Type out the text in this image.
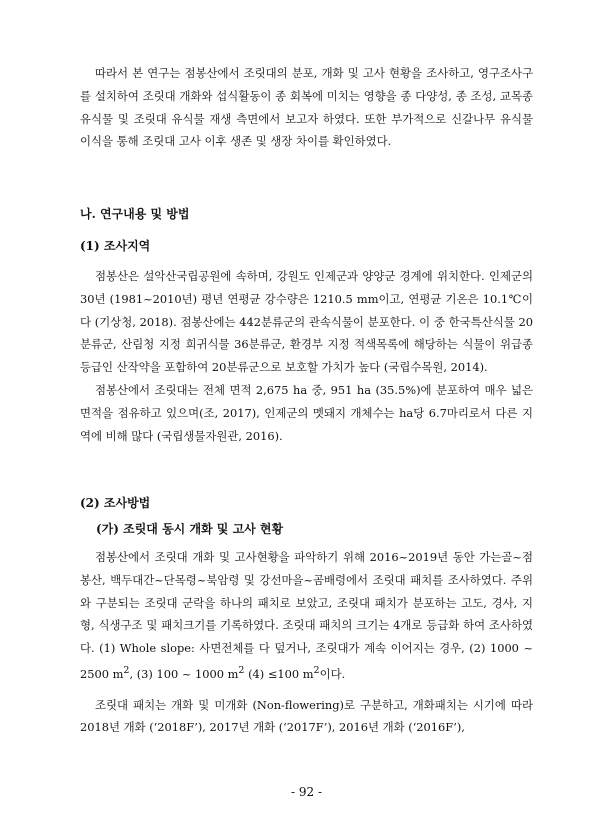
따라서 본 연구는 점봉산에서 조릿대의 분포, 개화 및 고사 현황을 조사하고, 영구조사구를 설치하여 조릿대 개화와 섭식활동이 종 회복에 미치는 영향을 종 다양성, 종 조성, 교목종 유식물 및 조릿대 유식물 재생 측면에서 보고자 하였다. 또한 부가적으로 신갈나무 유식물 이식을 통해 조릿대 고사 이후 생존 및 생장 차이를 확인하였다.

나. 연구내용 및 방법

(1) 조사지역

점봉산은 설악산국립공원에 속하며, 강원도 인제군과 양양군 경계에 위치한다. 인제군의 30년 (1981~2010년) 평년 연평균 강수량은 1210.5 mm이고, 연평균 기온은 10.1℃이다 (기상청, 2018). 점봉산에는 442분류군의 관속식물이 분포한다. 이 중 한국특산식물 20분류군, 산림청 지정 희귀식물 36분류군, 환경부 지정 적색목록에 해당하는 식물이 위급종 등급인 산작약을 포함하여 20분류군으로 보호할 가치가 높다 (국립수목원, 2014).

점봉산에서 조릿대는 전체 면적 2,675 ha 중, 951 ha (35.5%)에 분포하여 매우 넓은 면적을 점유하고 있으며(조, 2017), 인제군의 멧돼지 개체수는 ha당 6.7마리로서 다른 지역에 비해 많다 (국립생물자원관, 2016).

(2) 조사방법

(가) 조릿대 동시 개화 및 고사 현황

점봉산에서 조릿대 개화 및 고사현황을 파악하기 위해 2016~2019년 동안 가는골~점봉산, 백두대간~단목령~북암령 및 강선마을~곰배령에서 조릿대 패치를 조사하였다. 주위와 구분되는 조릿대 군락을 하나의 패치로 보았고, 조릿대 패치가 분포하는 고도, 경사, 지형, 식생구조 및 패치크기를 기록하였다. 조릿대 패치의 크기는 4개로 등급화 하여 조사하였다. (1) Whole slope: 사면전체를 다 덮거나, 조릿대가 계속 이어지는 경우, (2) 1000 ~ 2500 $m^2$, (3) 100 ~ 1000 $m^2$ (4) ≤100 $m^2$이다.

조릿대 패치는 개화 및 미개화 (Non-flowering)로 구분하고, 개화패치는 시기에 따라 2018년 개화 (‘2018F’), 2017년 개화 (‘2017F’), 2016년 개화 (‘2016F’),

- 92 -
